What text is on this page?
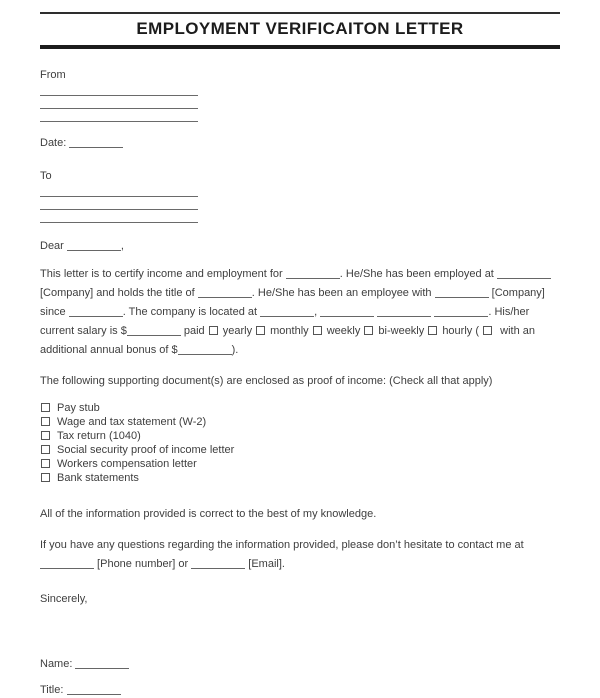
EMPLOYMENT VERIFICAITON LETTER
From

Date:

To

Dear	,

This letter is to certify income and employment for	. He/She has been employed at  [Company] and holds the title of	. He/She has been an employee with	[Company] since	. The company is located at	,	. His/her current salary is $	paid yearly monthly weekly bi-weekly hourly (  with an additional annual bonus of $	).

The following supporting document(s) are enclosed as proof of income: (Check all that apply)

Pay stub
Wage and tax statement (W-2)
Tax return (1040)
Social security proof of income letter
Workers compensation letter
Bank statements

All of the information provided is correct to the best of my knowledge.

If you have any questions regarding the information provided, please don’t hesitate to contact me at  [Phone number] or	[Email].

Sincerely,

Name:

Title:
